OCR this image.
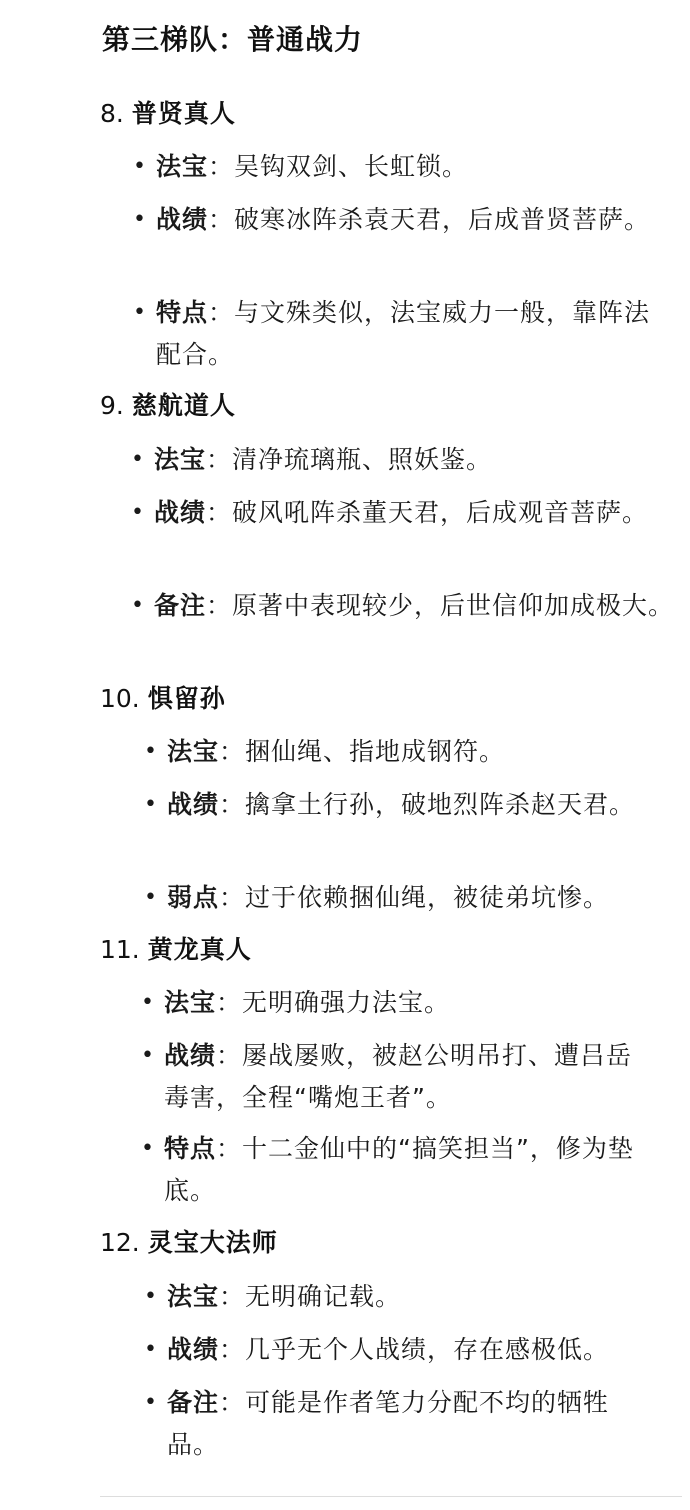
第三梯队：普通战力
8. 普贤真人
• 法宝：吴钩双剑、长虹锁。
• 战绩：破寒冰阵杀袁天君，后成普贤菩萨。
• 特点：与文殊类似，法宝威力一般，靠阵法配合。
9. 慈航道人
• 法宝：清净琉璃瓶、照妖鉴。
• 战绩：破风吼阵杀董天君，后成观音菩萨。
• 备注：原著中表现较少，后世信仰加成极大。
10. 惧留孙
• 法宝：捆仙绳、指地成钢符。
• 战绩：擒拿土行孙，破地烈阵杀赵天君。
• 弱点：过于依赖捆仙绳，被徒弟坑惨。
11. 黄龙真人
• 法宝：无明确强力法宝。
• 战绩：屡战屡败，被赵公明吊打、遭吕岳毒害，全程“嘴炮王者”。
• 特点：十二金仙中的“搞笑担当”，修为垫底。
12. 灵宝大法师
• 法宝：无明确记载。
• 战绩：几乎无个人战绩，存在感极低。
• 备注：可能是作者笔力分配不均的牺牲品。
